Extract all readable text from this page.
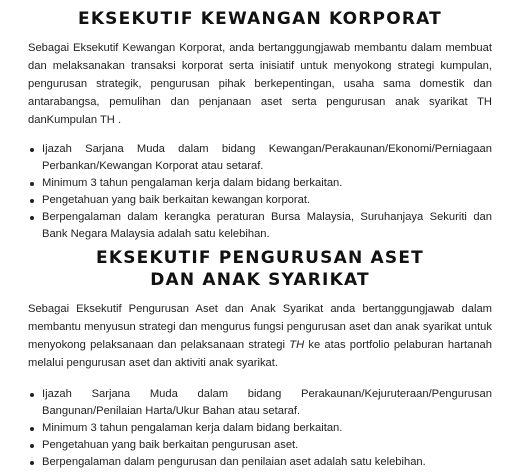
EKSEKUTIF KEWANGAN KORPORAT

Sebagai Eksekutif Kewangan Korporat, anda bertanggungjawab membantu dalam membuat dan melaksanakan transaksi korporat serta inisiatif untuk menyokong strategi kumpulan, pengurusan strategik, pengurusan pihak berkepentingan, usaha sama domestik dan antarabangsa, pemulihan dan penjanaan aset serta pengurusan anak syarikat TH danKumpulan TH .

Ijazah Sarjana Muda dalam bidang Kewangan/Perakaunan/Ekonomi/Perniagaan Perbankan/Kewangan Korporat atau setaraf.
Minimum 3 tahun pengalaman kerja dalam bidang berkaitan.
Pengetahuan yang baik berkaitan kewangan korporat.
Berpengalaman dalam kerangka peraturan Bursa Malaysia, Suruhanjaya Sekuriti dan Bank Negara Malaysia adalah satu kelebihan.
EKSEKUTIF PENGURUSAN ASET
DAN ANAK SYARIKAT

Sebagai Eksekutif Pengurusan Aset dan Anak Syarikat anda bertanggungjawab dalam membantu menyusun strategi dan mengurus fungsi pengurusan aset dan anak syarikat untuk menyokong pelaksanaan dan pelaksanaan strategi TH ke atas portfolio pelaburan hartanah melalui pengurusan aset dan aktiviti anak syarikat.

Ijazah Sarjana Muda dalam bidang Perakaunan/Kejuruteraan/Pengurusan Bangunan/Penilaian Harta/Ukur Bahan atau setaraf.
Minimum 3 tahun pengalaman kerja dalam bidang berkaitan.
Pengetahuan yang baik berkaitan pengurusan aset.
Berpengalaman dalam pengurusan dan penilaian aset adalah satu kelebihan.
